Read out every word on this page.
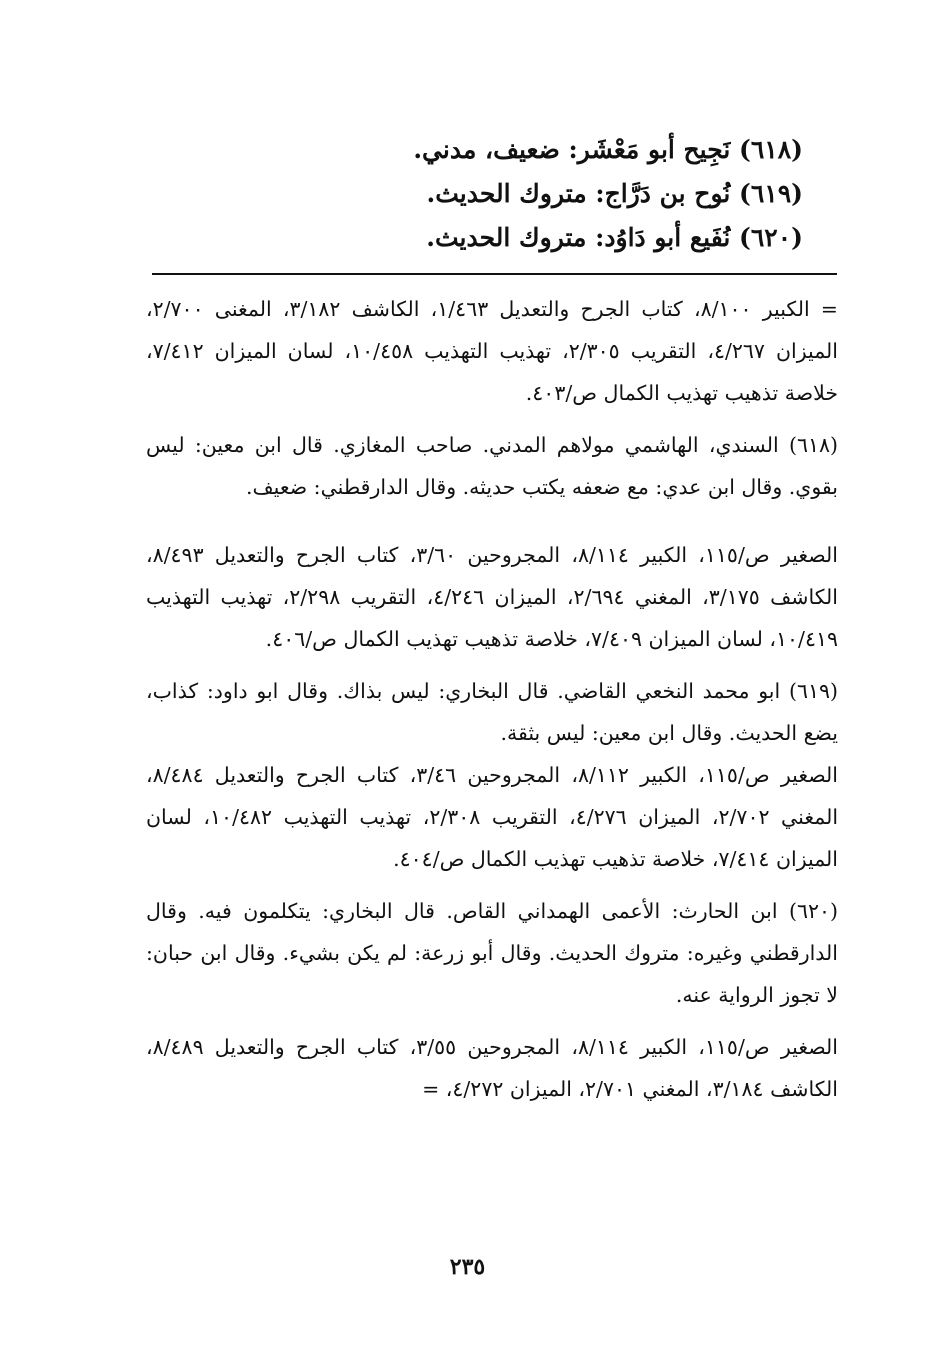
(٦١٨) نَجِيح أبو مَعْشَر: ضعيف، مدني.
(٦١٩) نُوح بن دَرَّاج: متروك الحديث.
(٦٢٠) نُفَيع أبو دَاوُد: متروك الحديث.

= الكبير ٨/١٠٠، كتاب الجرح والتعديل ١/٤٦٣، الكاشف ٣/١٨٢، المغنى ٢/٧٠٠، الميزان ٤/٢٦٧، التقريب ٢/٣٠٥، تهذيب التهذيب ١٠/٤٥٨، لسان الميزان ٧/٤١٢، خلاصة تذهيب تهذيب الكمال ص/٤٠٣.

(٦١٨) السندي، الهاشمي مولاهم المدني. صاحب المغازي. قال ابن معين: ليس بقوي. وقال ابن عدي: مع ضعفه يكتب حديثه. وقال الدارقطني: ضعيف.

الصغير ص/١١٥، الكبير ٨/١١٤، المجروحين ٣/٦٠، كتاب الجرح والتعديل ٨/٤٩٣، الكاشف ٣/١٧٥، المغني ٢/٦٩٤، الميزان ٤/٢٤٦، التقريب ٢/٢٩٨، تهذيب التهذيب ١٠/٤١٩، لسان الميزان ٧/٤٠٩، خلاصة تذهيب تهذيب الكمال ص/٤٠٦.

(٦١٩) ابو محمد النخعي القاضي. قال البخاري: ليس بذاك. وقال ابو داود: كذاب، يضع الحديث. وقال ابن معين: ليس بثقة.

الصغير ص/١١٥، الكبير ٨/١١٢، المجروحين ٣/٤٦، كتاب الجرح والتعديل ٨/٤٨٤، المغني ٢/٧٠٢، الميزان ٤/٢٧٦، التقريب ٢/٣٠٨، تهذيب التهذيب ١٠/٤٨٢، لسان الميزان ٧/٤١٤، خلاصة تذهيب تهذيب الكمال ص/٤٠٤.

(٦٢٠) ابن الحارث: الأعمى الهمداني القاص. قال البخاري: يتكلمون فيه. وقال الدارقطني وغيره: متروك الحديث. وقال أبو زرعة: لم يكن بشيء. وقال ابن حبان: لا تجوز الرواية عنه.

الصغير ص/١١٥، الكبير ٨/١١٤، المجروحين ٣/٥٥، كتاب الجرح والتعديل ٨/٤٨٩، الكاشف ٣/١٨٤، المغني ٢/٧٠١، الميزان ٤/٢٧٢، =

٢٣٥
